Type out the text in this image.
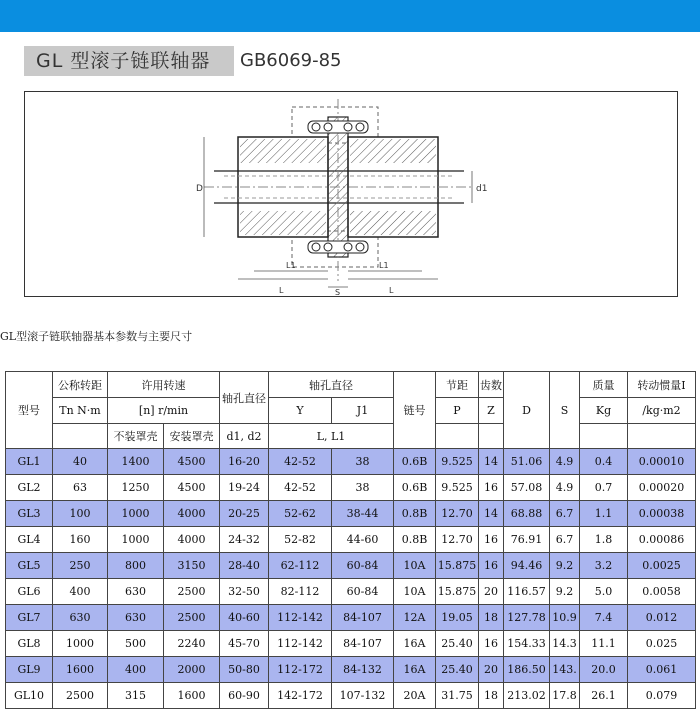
GL 型滚子链联轴器	GB6069-85
D	d1
L
L1
S
L1
L
GL型滚子链联轴器基本参数与主要尺寸
型号	公称转距	许用转速		轴孔直径	轴孔直径		链号	节距	齿数	D	S	质量	转动惯量I
	Tn N·m	[n] r/min			Y	J1		P	Z			Kg	/kg·m2
		不装罩壳	安装罩壳	d1, d2	L, L1								
GL1	40	1400	4500	16-20	42-52	38	0.6B	9.525	14	51.06	4.9	0.4	0.00010
GL2	63	1250	4500	19-24	42-52	38	0.6B	9.525	16	57.08	4.9	0.7	0.00020
GL3	100	1000	4000	20-25	52-62	38-44	0.8B	12.70	14	68.88	6.7	1.1	0.00038
GL4	160	1000	4000	24-32	52-82	44-60	0.8B	12.70	16	76.91	6.7	1.8	0.00086
GL5	250	800	3150	28-40	62-112	60-84	10A	15.875	16	94.46	9.2	3.2	0.0025
GL6	400	630	2500	32-50	82-112	60-84	10A	15.875	20	116.57	9.2	5.0	0.0058
GL7	630	630	2500	40-60	112-142	84-107	12A	19.05	18	127.78	10.9	7.4	0.012
GL8	1000	500	2240	45-70	112-142	84-107	16A	25.40	16	154.33	14.3	11.1	0.025
GL9	1600	400	2000	50-80	112-172	84-132	16A	25.40	20	186.50	143.	20.0	0.061
GL10	2500	315	1600	60-90	142-172	107-132	20A	31.75	18	213.02	17.8	26.1	0.079
